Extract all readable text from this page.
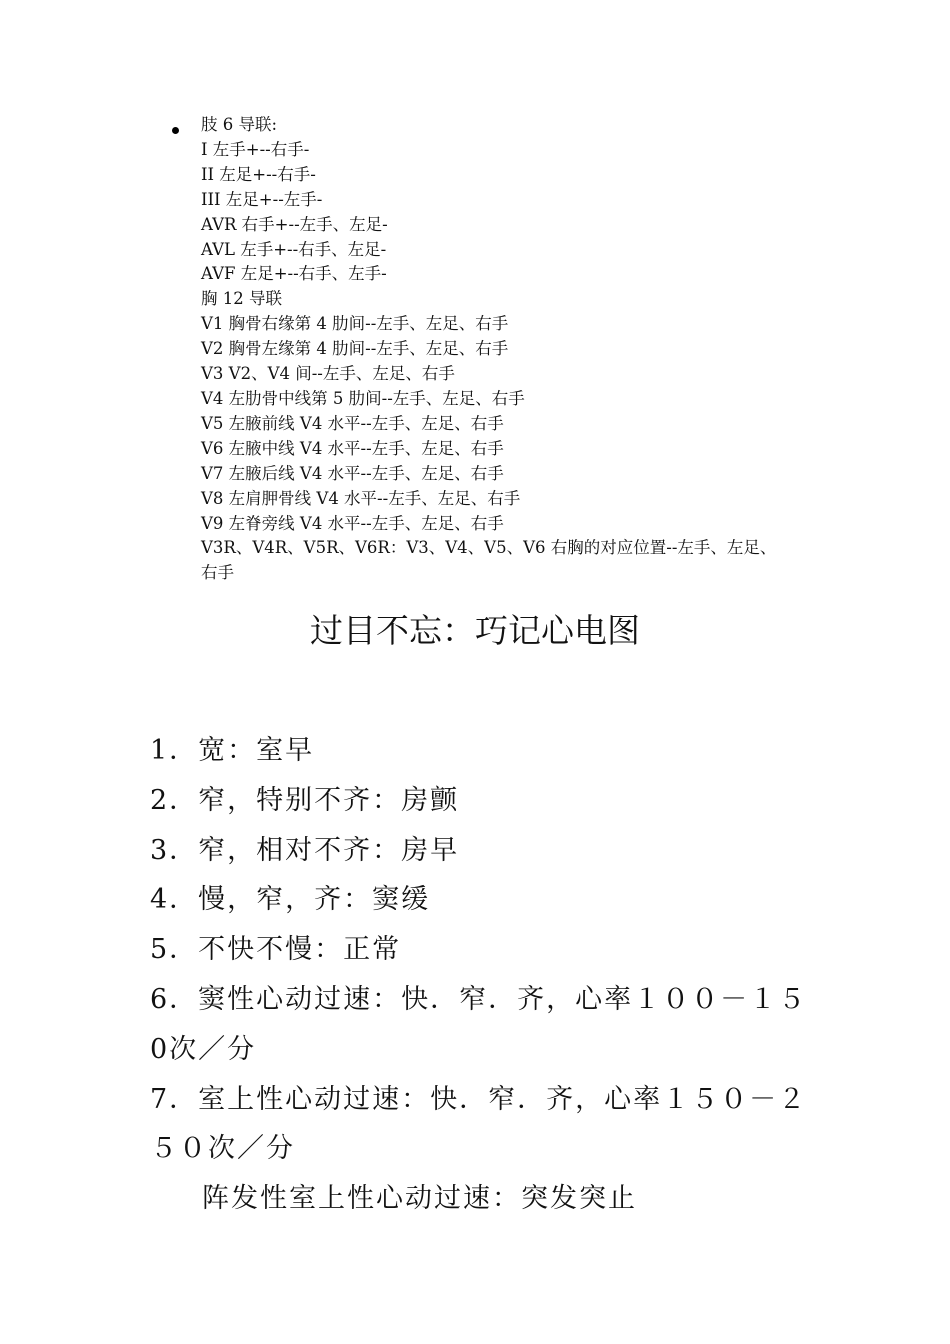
肢 6 导联:
I 左手+--右手-
II 左足+--右手-
III 左足+--左手-
AVR 右手+--左手、左足-
AVL 左手+--右手、左足-
AVF 左足+--右手、左手-
胸 12 导联
V1 胸骨右缘第 4 肋间--左手、左足、右手
V2 胸骨左缘第 4 肋间--左手、左足、右手
V3 V2、V4 间--左手、左足、右手
V4 左肋骨中线第 5 肋间--左手、左足、右手
V5 左腋前线 V4 水平--左手、左足、右手
V6 左腋中线 V4 水平--左手、左足、右手
V7 左腋后线 V4 水平--左手、左足、右手
V8 左肩胛骨线 V4 水平--左手、左足、右手
V9 左脊旁线 V4 水平--左手、左足、右手
V3R、V4R、V5R、V6R：V3、V4、V5、V6 右胸的对应位置--左手、左足、
右手
过目不忘：巧记心电图
1．宽：室早
2．窄，特别不齐：房颤
3．窄，相对不齐：房早
4．慢，窄，齐：窦缓
5．不快不慢：正常
6．窦性心动过速：快．窄．齐，心率１００－１５
0次／分
7．室上性心动过速：快．窄．齐，心率１５０－２
５０次／分
阵发性室上性心动过速：突发突止
